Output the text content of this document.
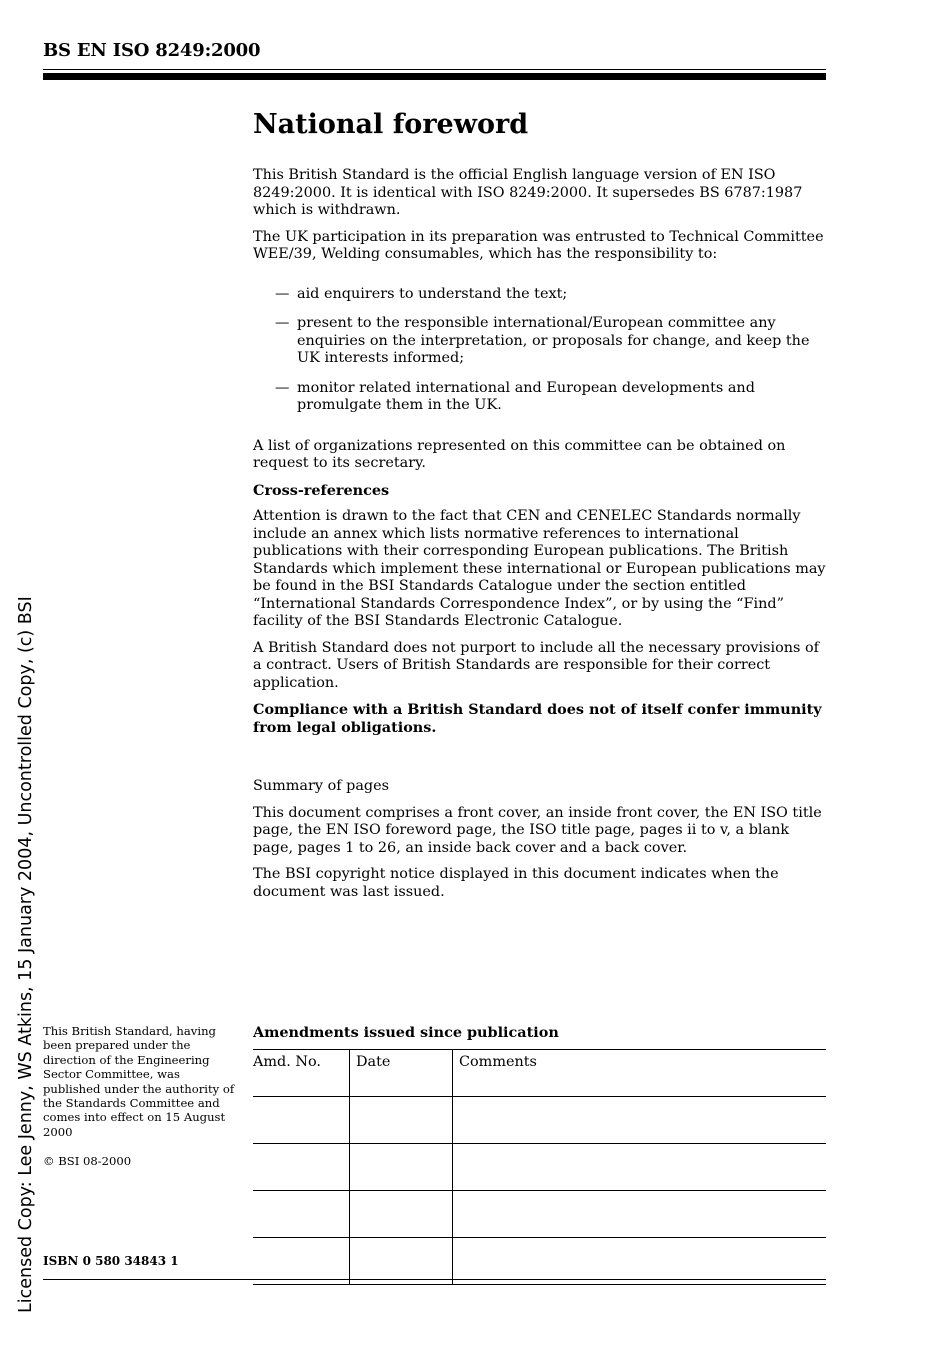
BS EN ISO 8249:2000
Licensed Copy: Lee Jenny, WS Atkins, 15 January 2004, Uncontrolled Copy, (c) BSI
National foreword

This British Standard is the official English language version of EN ISO 8249:2000. It is identical with ISO 8249:2000. It supersedes BS 6787:1987 which is withdrawn.

The UK participation in its preparation was entrusted to Technical Committee WEE/39, Welding consumables, which has the responsibility to:

— aid enquirers to understand the text;
— present to the responsible international/European committee any enquiries on the interpretation, or proposals for change, and keep the UK interests informed;
— monitor related international and European developments and promulgate them in the UK.

A list of organizations represented on this committee can be obtained on request to its secretary.

Cross-references

Attention is drawn to the fact that CEN and CENELEC Standards normally include an annex which lists normative references to international publications with their corresponding European publications. The British Standards which implement these international or European publications may be found in the BSI Standards Catalogue under the section entitled “International Standards Correspondence Index”, or by using the “Find” facility of the BSI Standards Electronic Catalogue.

A British Standard does not purport to include all the necessary provisions of a contract. Users of British Standards are responsible for their correct application.

Compliance with a British Standard does not of itself confer immunity from legal obligations.

Summary of pages

This document comprises a front cover, an inside front cover, the EN ISO title page, the EN ISO foreword page, the ISO title page, pages ii to v, a blank page, pages 1 to 26, an inside back cover and a back cover.

The BSI copyright notice displayed in this document indicates when the document was last issued.

This British Standard, having been prepared under the direction of the Engineering Sector Committee, was published under the authority of the Standards Committee and comes into effect on 15 August 2000
© BSI 08-2000
ISBN 0 580 34843 1
Amendments issued since publication
Amd. No.	Date	Comments
